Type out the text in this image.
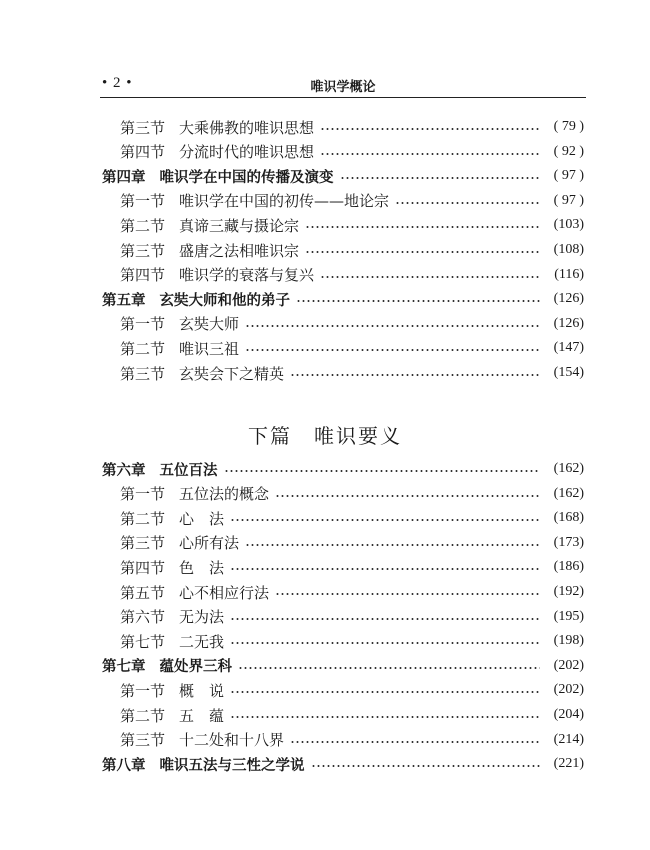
• 2 •	唯识学概论
第三节 大乘佛教的唯识思想	( 79 )
第四节 分流时代的唯识思想	( 92 )
第四章 唯识学在中国的传播及演变	( 97 )
第一节 唯识学在中国的初传——地论宗	( 97 )
第二节 真谛三藏与摄论宗	(103)
第三节 盛唐之法相唯识宗	(108)
第四节 唯识学的衰落与复兴	(116)
第五章 玄奘大师和他的弟子	(126)
第一节 玄奘大师	(126)
第二节 唯识三祖	(147)
第三节 玄奘会下之精英	(154)
第六章 五位百法	(162)
第一节 五位法的概念	(162)
第二节 心　法	(168)
第三节 心所有法	(173)
第四节 色　法	(186)
第五节 心不相应行法	(192)
第六节 无为法	(195)
第七节 二无我	(198)
第七章 蕴处界三科	(202)
第一节 概　说	(202)
第二节 五　蕴	(204)
第三节 十二处和十八界	(214)
第八章 唯识五法与三性之学说	(221)
下篇 唯识要义
